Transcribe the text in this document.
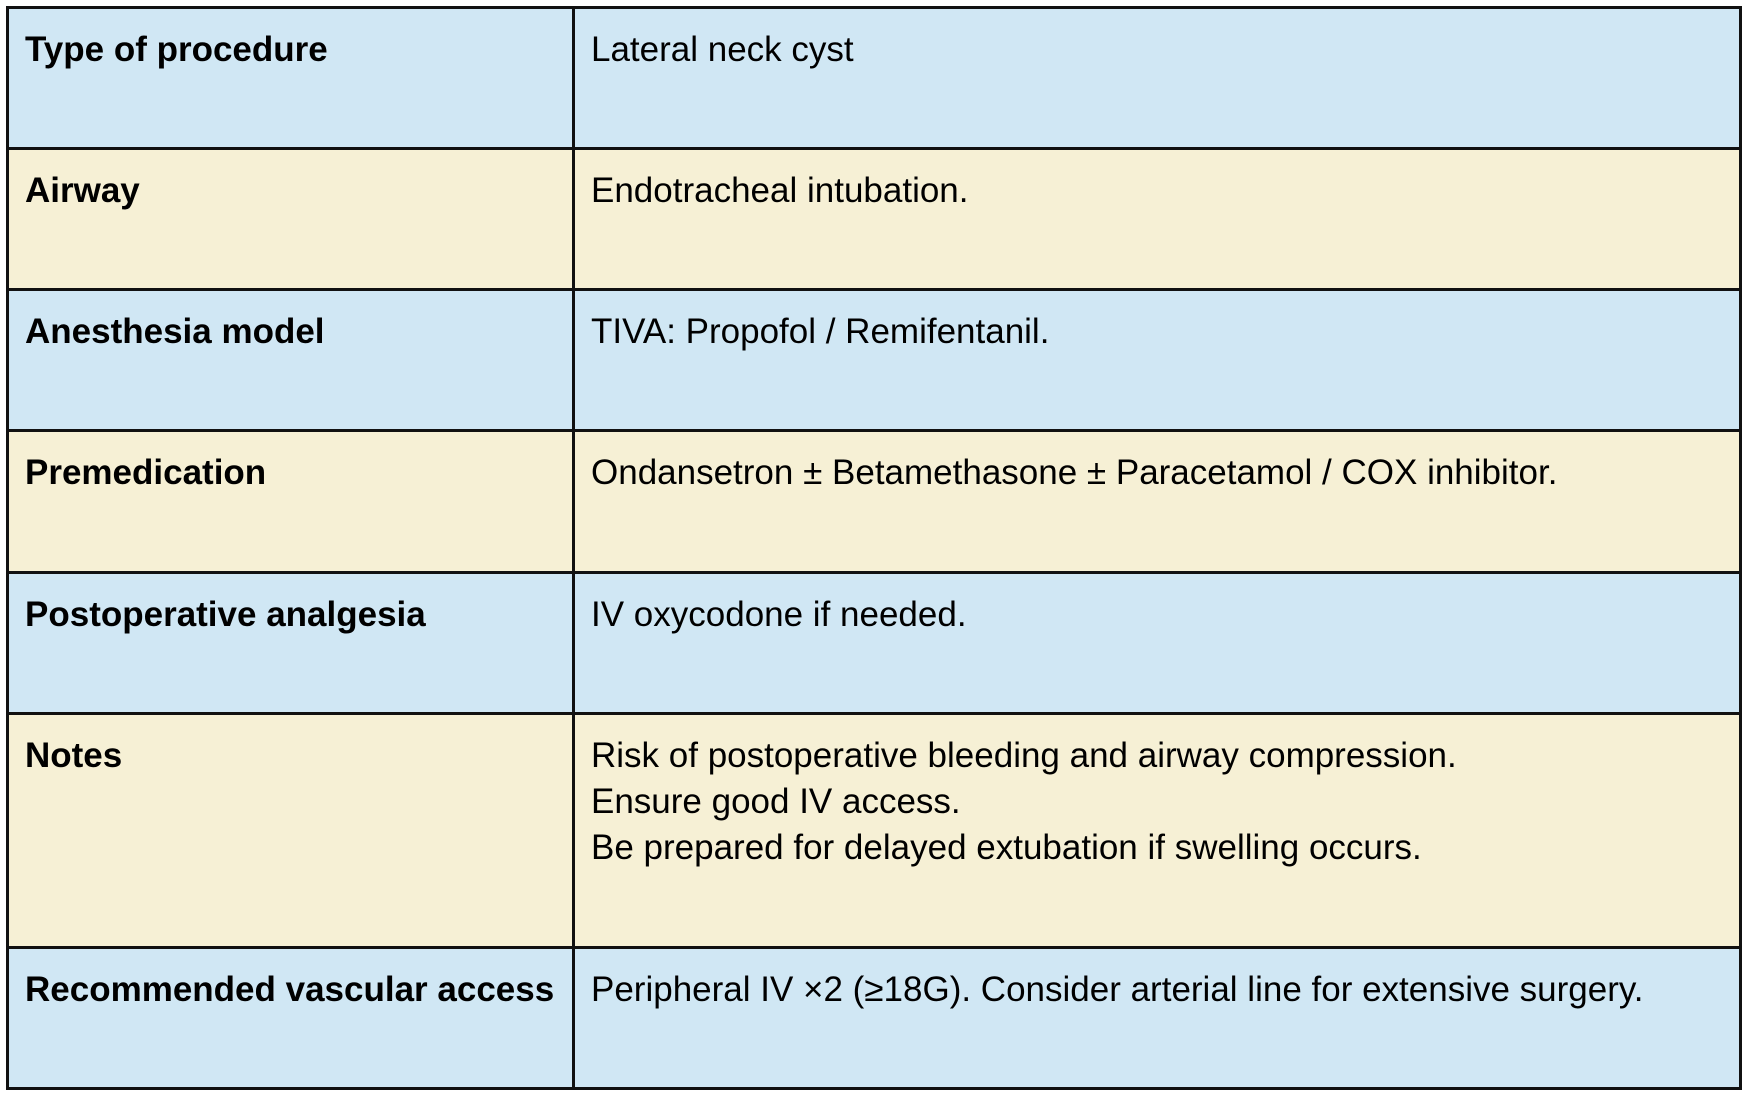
Type of procedure	Lateral neck cyst

Airway	Endotracheal intubation.

Anesthesia model	TIVA: Propofol / Remifentanil.

Premedication	Ondansetron ± Betamethasone ± Paracetamol / COX inhibitor.

Postoperative analgesia	IV oxycodone if needed.

Notes	Risk of postoperative bleeding and airway compression.
Ensure good IV access.
Be prepared for delayed extubation if swelling occurs.

Recommended vascular access	Peripheral IV ×2 (≥18G). Consider arterial line for extensive surgery.
